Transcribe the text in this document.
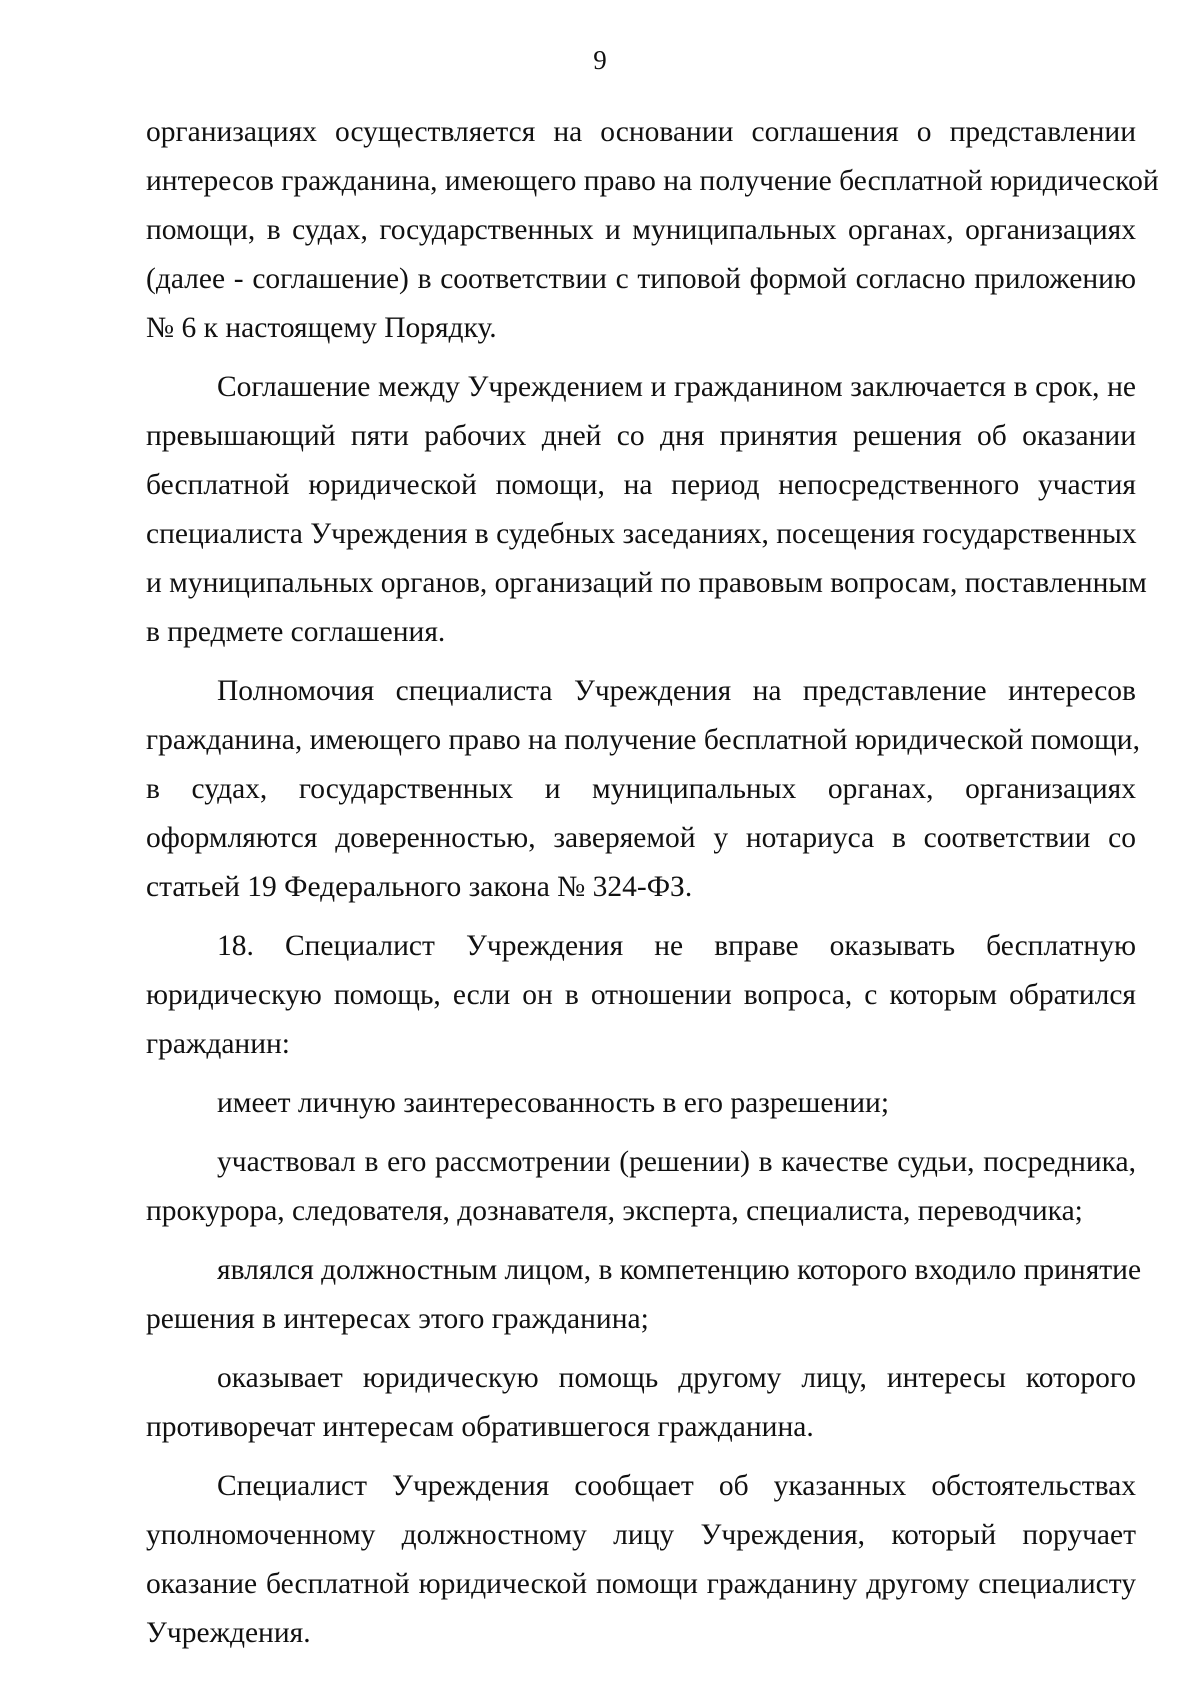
9

организациях осуществляется на основании соглашения о представлении
интересов гражданина, имеющего право на получение бесплатной юридической
помощи, в судах, государственных и муниципальных органах, организациях
(далее - соглашение) в соответствии с типовой формой согласно приложению
№ 6 к настоящему Порядку.

Соглашение между Учреждением и гражданином заключается в срок, не
превышающий пяти рабочих дней со дня принятия решения об оказании
бесплатной юридической помощи, на период непосредственного участия
специалиста Учреждения в судебных заседаниях, посещения государственных
и муниципальных органов, организаций по правовым вопросам, поставленным
в предмете соглашения.

Полномочия специалиста Учреждения на представление интересов
гражданина, имеющего право на получение бесплатной юридической помощи,
в судах, государственных и муниципальных органах, организациях
оформляются доверенностью, заверяемой у нотариуса в соответствии со
статьей 19 Федерального закона № 324-ФЗ.

18. Специалист Учреждения не вправе оказывать бесплатную
юридическую помощь, если он в отношении вопроса, с которым обратился
гражданин:

имеет личную заинтересованность в его разрешении;

участвовал в его рассмотрении (решении) в качестве судьи, посредника,
прокурора, следователя, дознавателя, эксперта, специалиста, переводчика;

являлся должностным лицом, в компетенцию которого входило принятие
решения в интересах этого гражданина;

оказывает юридическую помощь другому лицу, интересы которого
противоречат интересам обратившегося гражданина.

Специалист Учреждения сообщает об указанных обстоятельствах
уполномоченному должностному лицу Учреждения, который поручает
оказание бесплатной юридической помощи гражданину другому специалисту
Учреждения.
